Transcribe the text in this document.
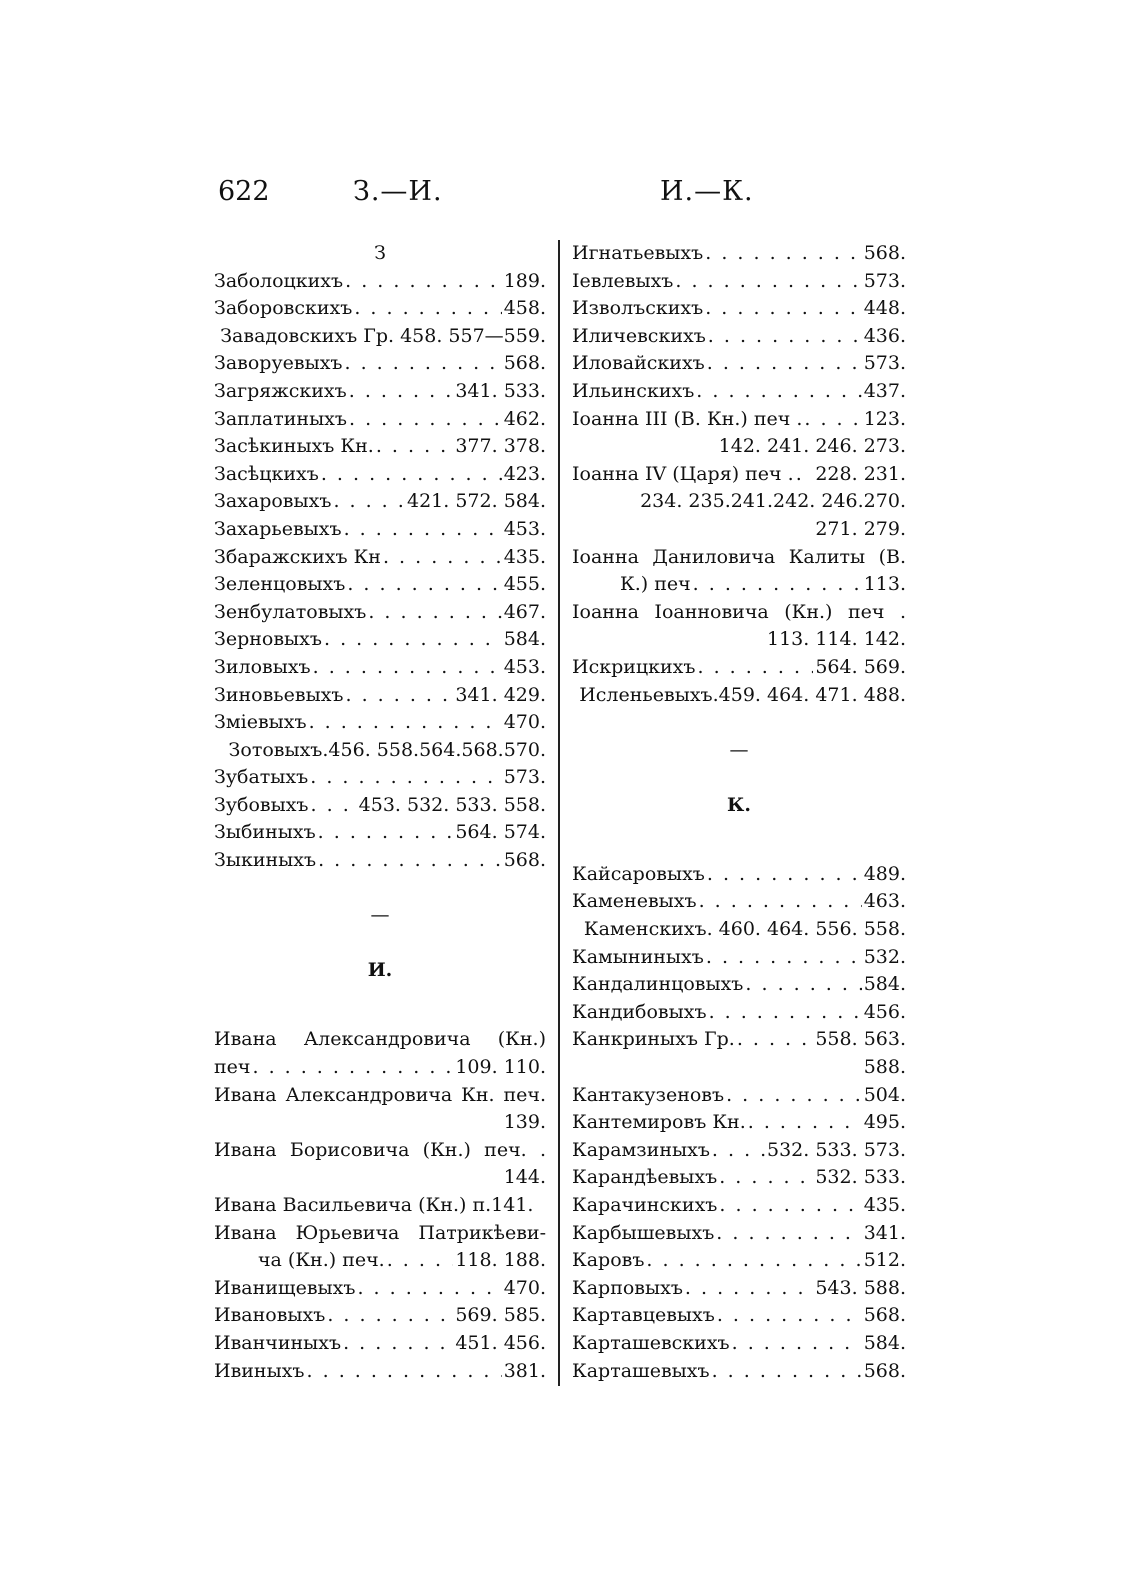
622	З.—И.	И.—К.
З
Заболоцкихъ . . .	189.
Заборовскихъ . . .	458.
Завадовскихъ Гр. 458. 557—559.
Заворуевыхъ . . .	568.
Загряжскихъ . . .	341. 533.
Заплатиныхъ . . .	462.
Засѣкиныхъ Кн. . . .	377. 378.
Засѣцкихъ . . .	423.
Захаровыхъ . . .	421. 572. 584.
Захарьевыхъ . . .	453.
Збаражскихъ Кн . . .	435.
Зеленцовыхъ . . .	455.
Зенбулатовыхъ . . .	467.
Зерновыхъ . . .	584.
Зиловыхъ . . .	453.
Зиновьевыхъ . . .	341. 429.
Зміевыхъ . . .	470.
Зотовыхъ.456. 558.564.568.570.
Зубатыхъ . . .	573.
Зубовыхъ . . .	453. 532. 533. 558.
Зыбиныхъ . . .	564. 574.
Зыкиныхъ . . .	568.
—
И.
Ивана Александровича (Кн.)
печ . . .	109. 110.
Ивана Александровича Кн. печ.
139.
Ивана Борисовича (Кн.) печ. .
144.
Ивана Васильевича (Кн.) п. 141.
Ивана Юрьевича Патрикѣеви-
ча (Кн.) печ. . . .	118. 188.
Иванищевыхъ . . .	470.
Ивановыхъ . . .	569. 585.
Иванчиныхъ . . .	451. 456.
Ивиныхъ . . .	381.
Игнатьевыхъ . . .	568.
Іевлевыхъ . . .	573.
Изволъскихъ . . .	448.
Иличевскихъ . . .	436.
Иловайскихъ . . .	573.
Ильинскихъ . . .	437.
Іоанна III (В. Кн.) печ . . . .	123.
142. 241. 246. 273.
Іоанна IV (Царя) печ . . . . 228. 231.
234. 235.241.242. 246.270.
271. 279.
Іоанна Даниловича Калиты (В.
К.) печ . . .	113.
Іоанна Іоанновича (Кн.) печ .
113. 114. 142.
Искрицкихъ . . .	564. 569.
Исленьевыхъ.459. 464. 471. 488.
—
К.
Кайсаровыхъ . . .	489.
Каменевыхъ . . .	463.
Каменскихъ. 460. 464. 556. 558.
Камыниныхъ . . .	532.
Кандалинцовыхъ . . .	584.
Кандибовыхъ . . .	456.
Канкриныхъ Гр. . . .	558. 563.
588.
Кантакузеновъ . . .	504.
Кантемировъ Кн. . . .	495.
Карамзиныхъ . . .	532. 533. 573.
Карандѣевыхъ . . .	532. 533.
Карачинскихъ . . .	435.
Карбышевыхъ . . .	341.
Каровъ . . .	512.
Карповыхъ . . .	543. 588.
Картавцевыхъ . . .	568.
Карташевскихъ . . .	584.
Карташевыхъ . . .	568.
